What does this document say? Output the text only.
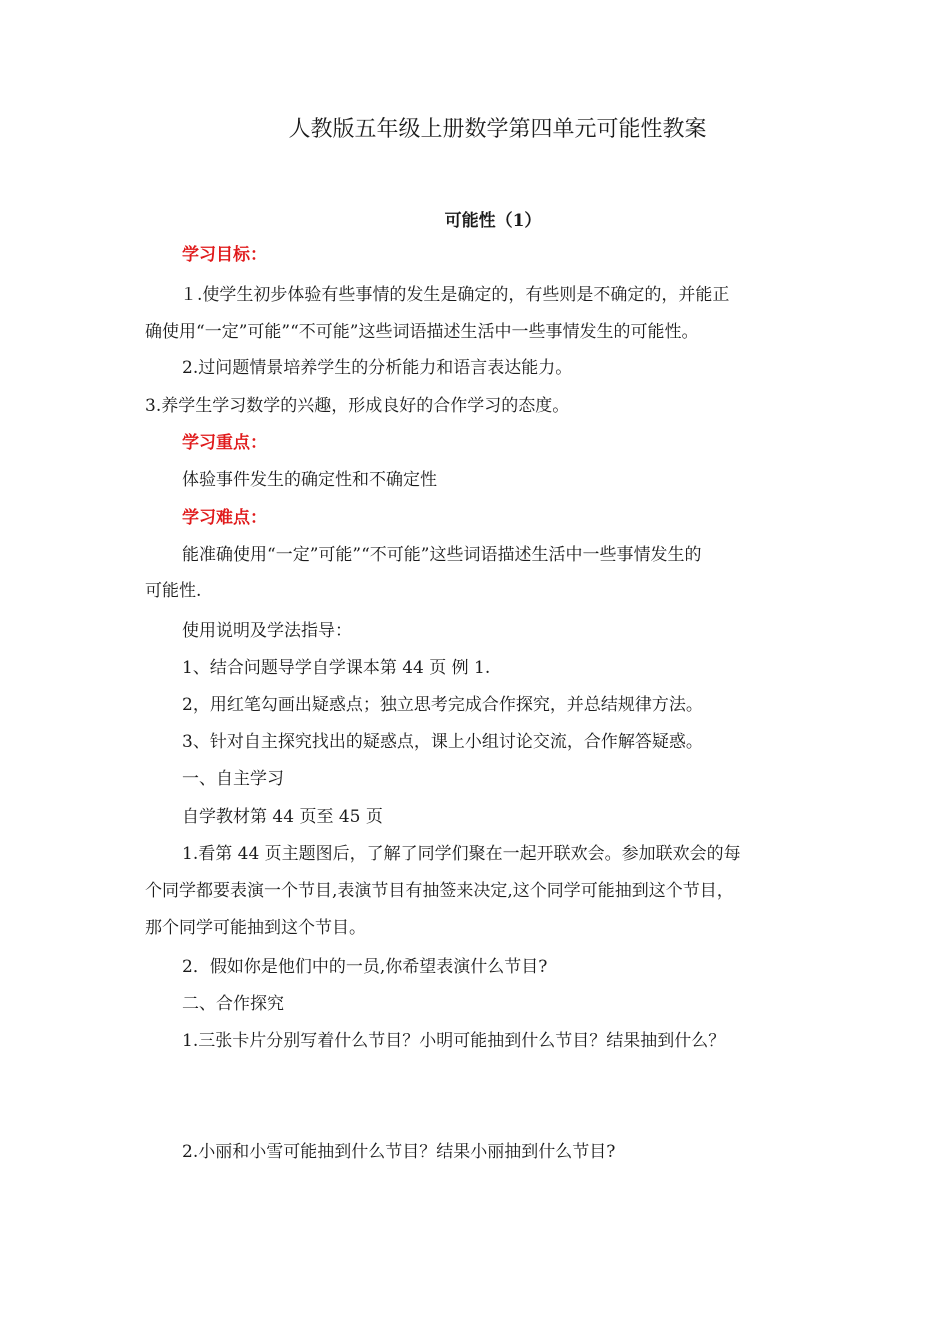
人教版五年级上册数学第四单元可能性教案
可能性（1）
学习目标：
１.使学生初步体验有些事情的发生是确定的，有些则是不确定的，并能正
确使用“一定”可能”“不可能”这些词语描述生活中一些事情发生的可能性。
2.过问题情景培养学生的分析能力和语言表达能力。
3.养学生学习数学的兴趣，形成良好的合作学习的态度。
学习重点：
体验事件发生的确定性和不确定性
学习难点：
能准确使用“一定”可能”“不可能”这些词语描述生活中一些事情发生的
可能性.
使用说明及学法指导：
1、结合问题导学自学课本第 44 页 例 1.
2，用红笔勾画出疑惑点；独立思考完成合作探究，并总结规律方法。
3、针对自主探究找出的疑惑点，课上小组讨论交流，合作解答疑惑。
一、自主学习
自学教材第 44 页至 45 页
1.看第 44 页主题图后，了解了同学们聚在一起开联欢会。参加联欢会的每
个同学都要表演一个节目,表演节目有抽签来决定,这个同学可能抽到这个节目，
那个同学可能抽到这个节目。
2．假如你是他们中的一员,你希望表演什么节目?
二、合作探究
1.三张卡片分别写着什么节目？小明可能抽到什么节目？结果抽到什么？
2.小丽和小雪可能抽到什么节目？结果小丽抽到什么节目?
